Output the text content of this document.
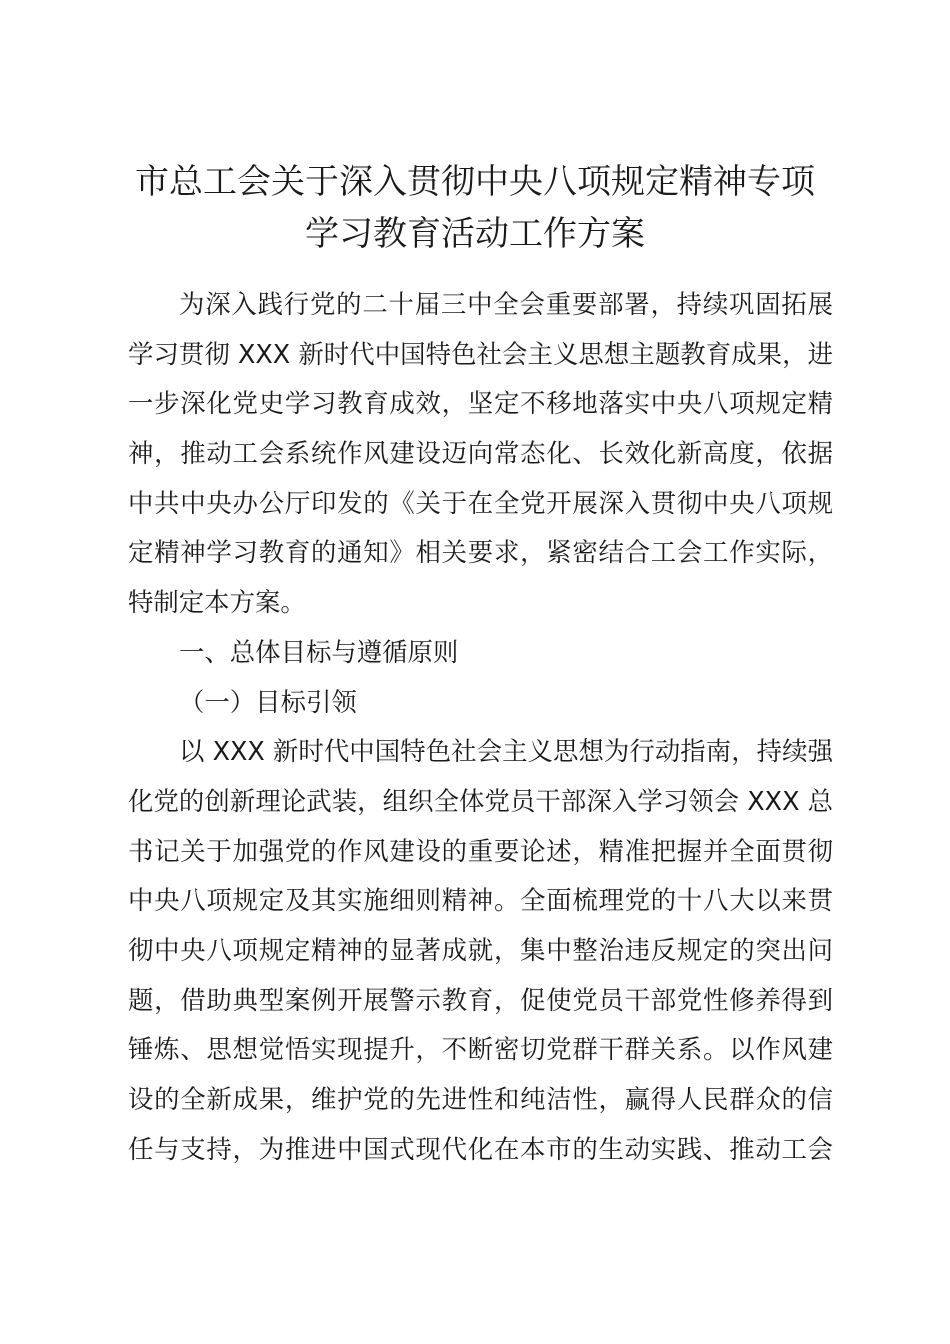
市总工会关于深入贯彻中央八项规定精神专项
学习教育活动工作方案
为深入践行党的二十届三中全会重要部署，持续巩固拓展
学习贯彻 XXX 新时代中国特色社会主义思想主题教育成果，进
一步深化党史学习教育成效，坚定不移地落实中央八项规定精
神，推动工会系统作风建设迈向常态化、长效化新高度，依据
中共中央办公厅印发的《关于在全党开展深入贯彻中央八项规
定精神学习教育的通知》相关要求，紧密结合工会工作实际，
特制定本方案。
一、总体目标与遵循原则
（一）目标引领
以 XXX 新时代中国特色社会主义思想为行动指南，持续强
化党的创新理论武装，组织全体党员干部深入学习领会 XXX 总
书记关于加强党的作风建设的重要论述，精准把握并全面贯彻
中央八项规定及其实施细则精神。全面梳理党的十八大以来贯
彻中央八项规定精神的显著成就，集中整治违反规定的突出问
题，借助典型案例开展警示教育，促使党员干部党性修养得到
锤炼、思想觉悟实现提升，不断密切党群干群关系。以作风建
设的全新成果，维护党的先进性和纯洁性，赢得人民群众的信
任与支持，为推进中国式现代化在本市的生动实践、推动工会
